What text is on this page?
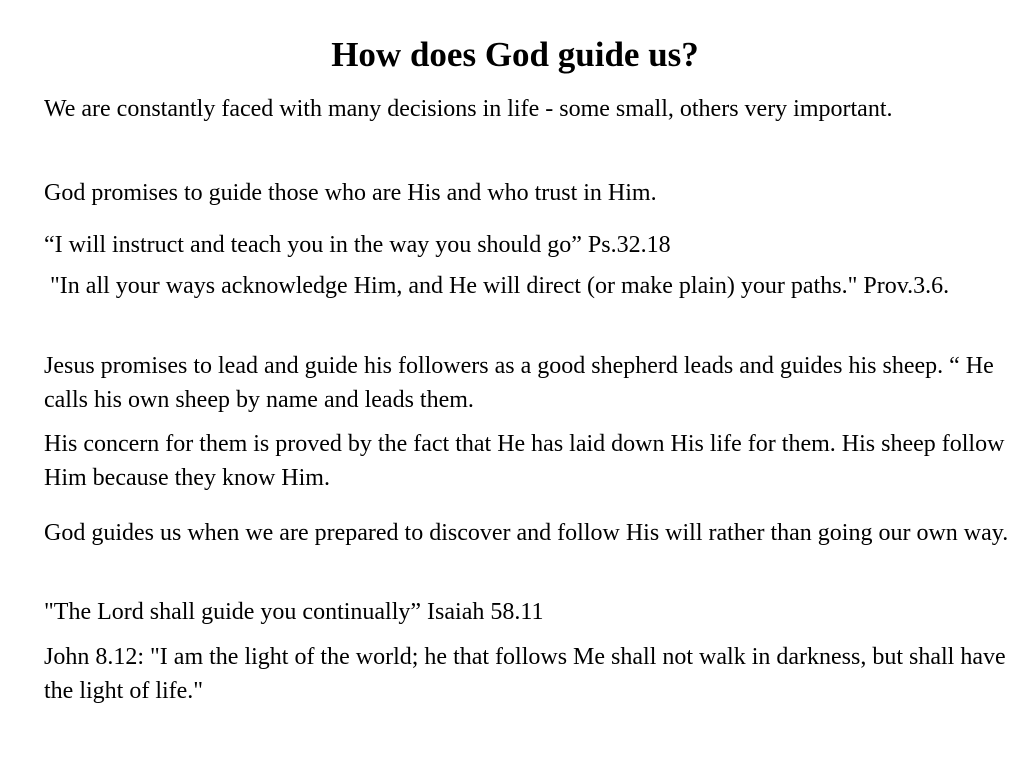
How does God guide us?

We are constantly faced with many decisions in life - some small, others very important.

God promises to guide those who are His and who trust in Him.

“I will instruct and teach you in the way you should go” Ps.32.18

"In all your ways acknowledge Him, and He will direct (or make plain) your paths." Prov.3.6.

Jesus promises to lead and guide his followers as a good shepherd leads and guides his sheep. “ He calls his own sheep by name and leads them.

His concern for them is proved by the fact that He has laid down His life for them. His sheep follow Him because they know Him.

God guides us when we are prepared to discover and follow His will rather than going our own way.

"The Lord shall guide you continually” Isaiah 58.11

John 8.12: "I am the light of the world; he that follows Me shall not walk in darkness, but shall have the light of life."
